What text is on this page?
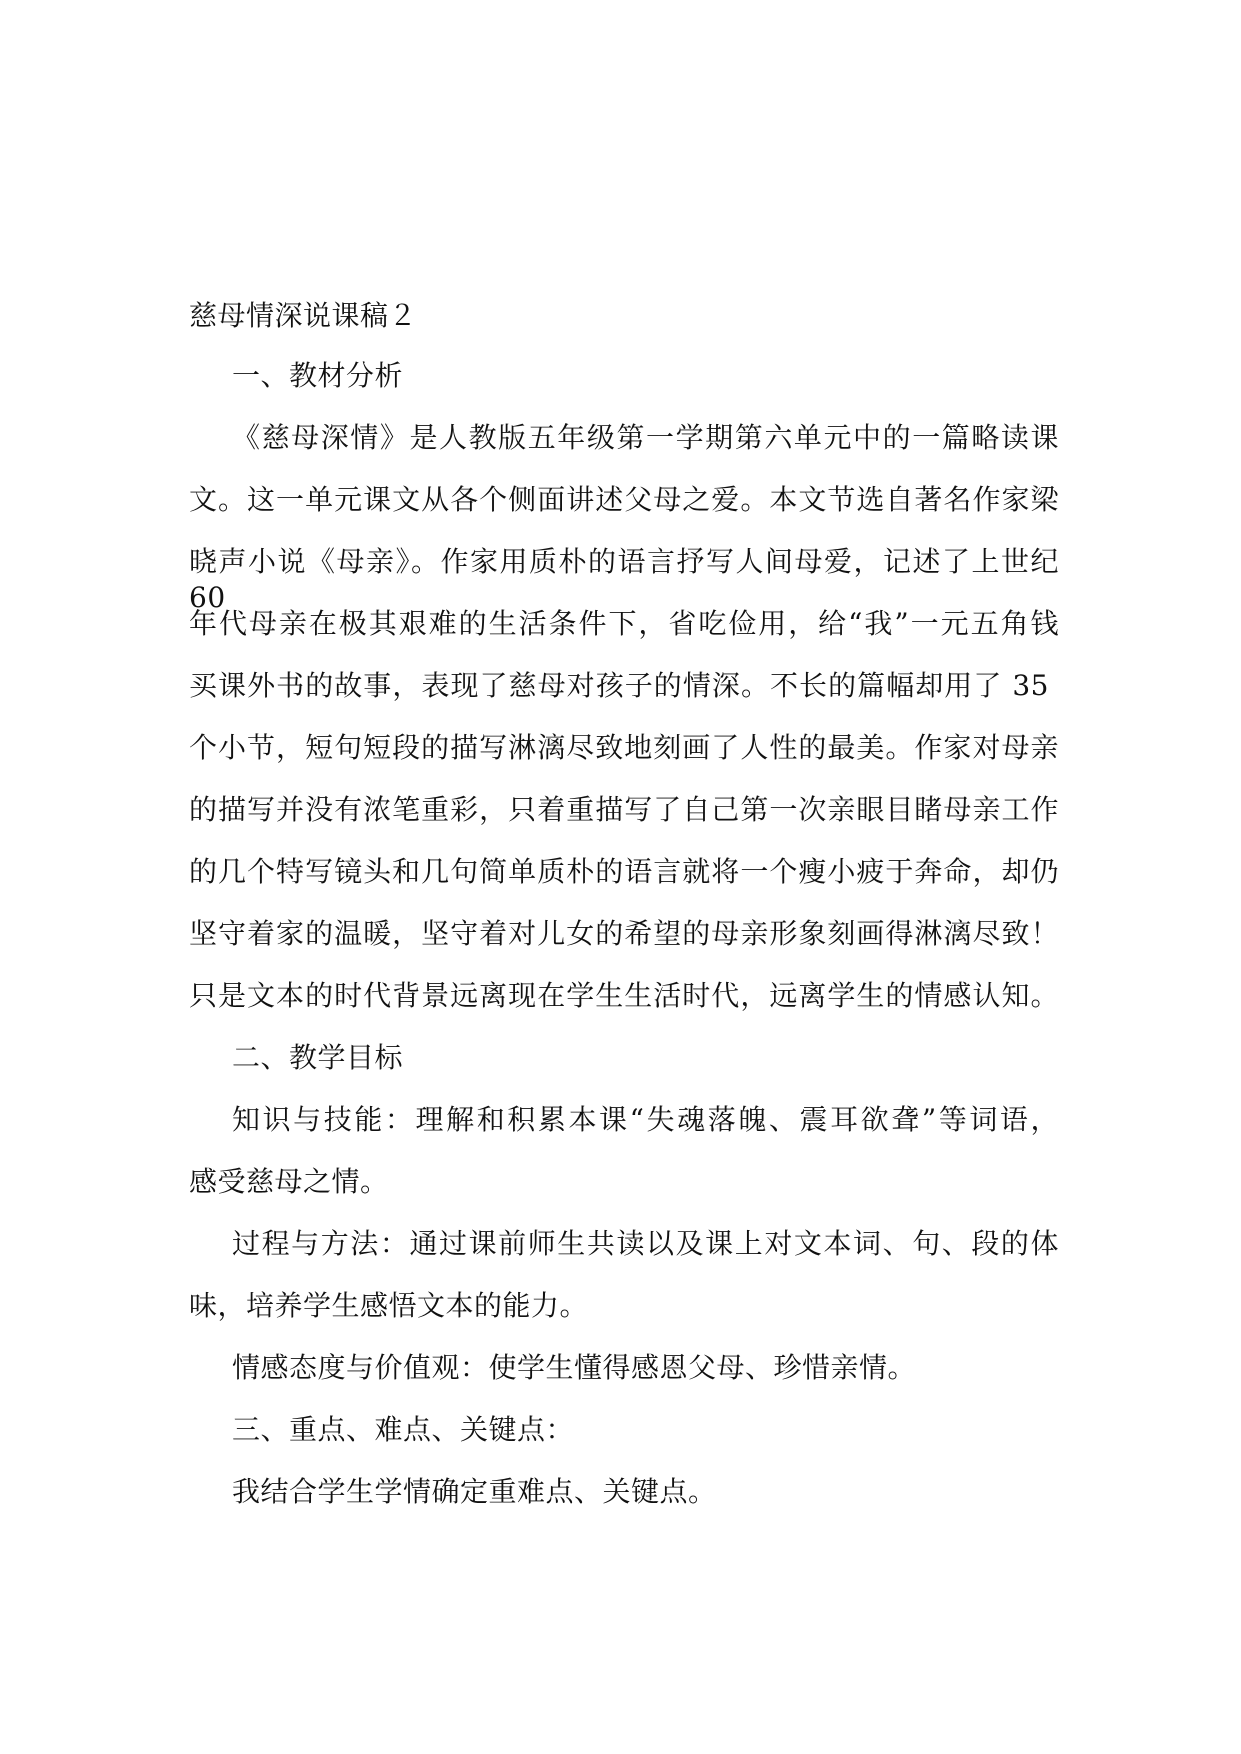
慈母情深说课稿２
一、教材分析
《慈母深情》是人教版五年级第一学期第六单元中的一篇略读课
文。这一单元课文从各个侧面讲述父母之爱。本文节选自著名作家梁
晓声小说《母亲》。作家用质朴的语言抒写人间母爱，记述了上世纪 60
年代母亲在极其艰难的生活条件下，省吃俭用，给“我”一元五角钱
买课外书的故事，表现了慈母对孩子的情深。不长的篇幅却用了 35
个小节，短句短段的描写淋漓尽致地刻画了人性的最美。作家对母亲
的描写并没有浓笔重彩，只着重描写了自己第一次亲眼目睹母亲工作
的几个特写镜头和几句简单质朴的语言就将一个瘦小疲于奔命，却仍
坚守着家的温暖，坚守着对儿女的希望的母亲形象刻画得淋漓尽致！
只是文本的时代背景远离现在学生生活时代，远离学生的情感认知。
二、教学目标
知识与技能：理解和积累本课“失魂落魄、震耳欲聋”等词语，
感受慈母之情。
过程与方法：通过课前师生共读以及课上对文本词、句、段的体
味，培养学生感悟文本的能力。
情感态度与价值观：使学生懂得感恩父母、珍惜亲情。
三、重点、难点、关键点：
我结合学生学情确定重难点、关键点。
